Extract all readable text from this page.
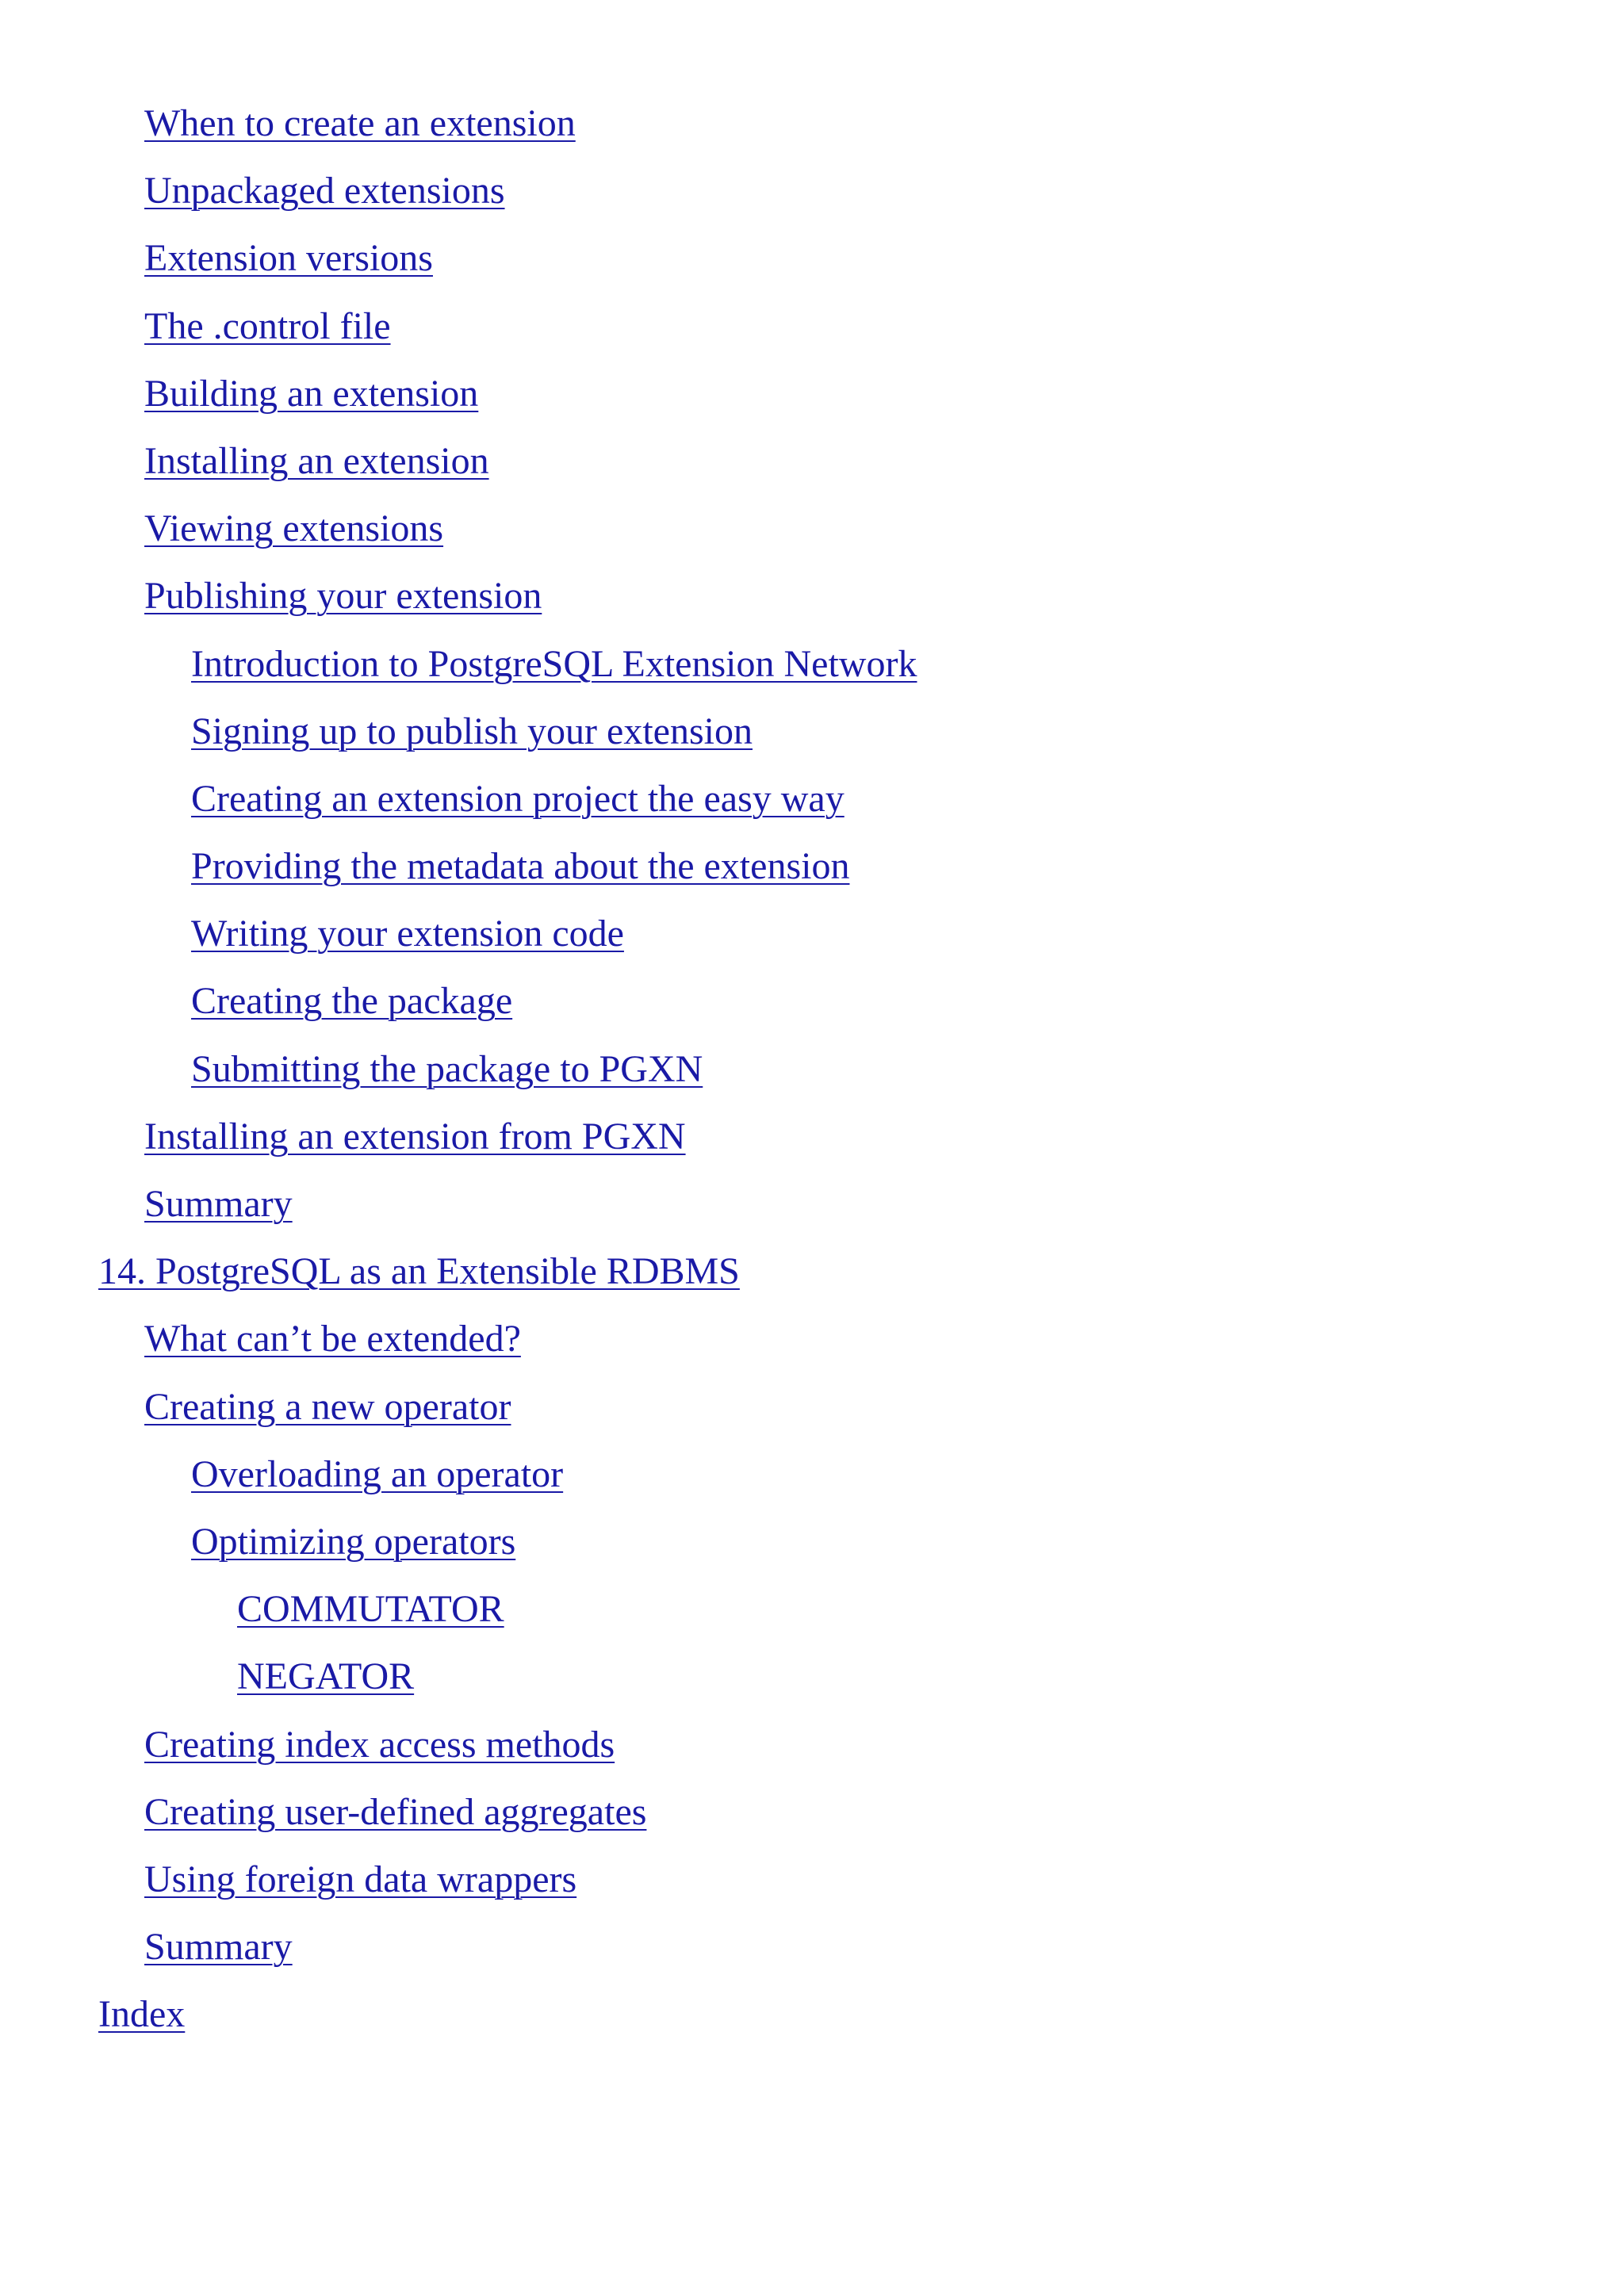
When to create an extension
Unpackaged extensions
Extension versions
The .control file
Building an extension
Installing an extension
Viewing extensions
Publishing your extension
Introduction to PostgreSQL Extension Network
Signing up to publish your extension
Creating an extension project the easy way
Providing the metadata about the extension
Writing your extension code
Creating the package
Submitting the package to PGXN
Installing an extension from PGXN
Summary
14. PostgreSQL as an Extensible RDBMS
What can’t be extended?
Creating a new operator
Overloading an operator
Optimizing operators
COMMUTATOR
NEGATOR
Creating index access methods
Creating user-defined aggregates
Using foreign data wrappers
Summary
Index
